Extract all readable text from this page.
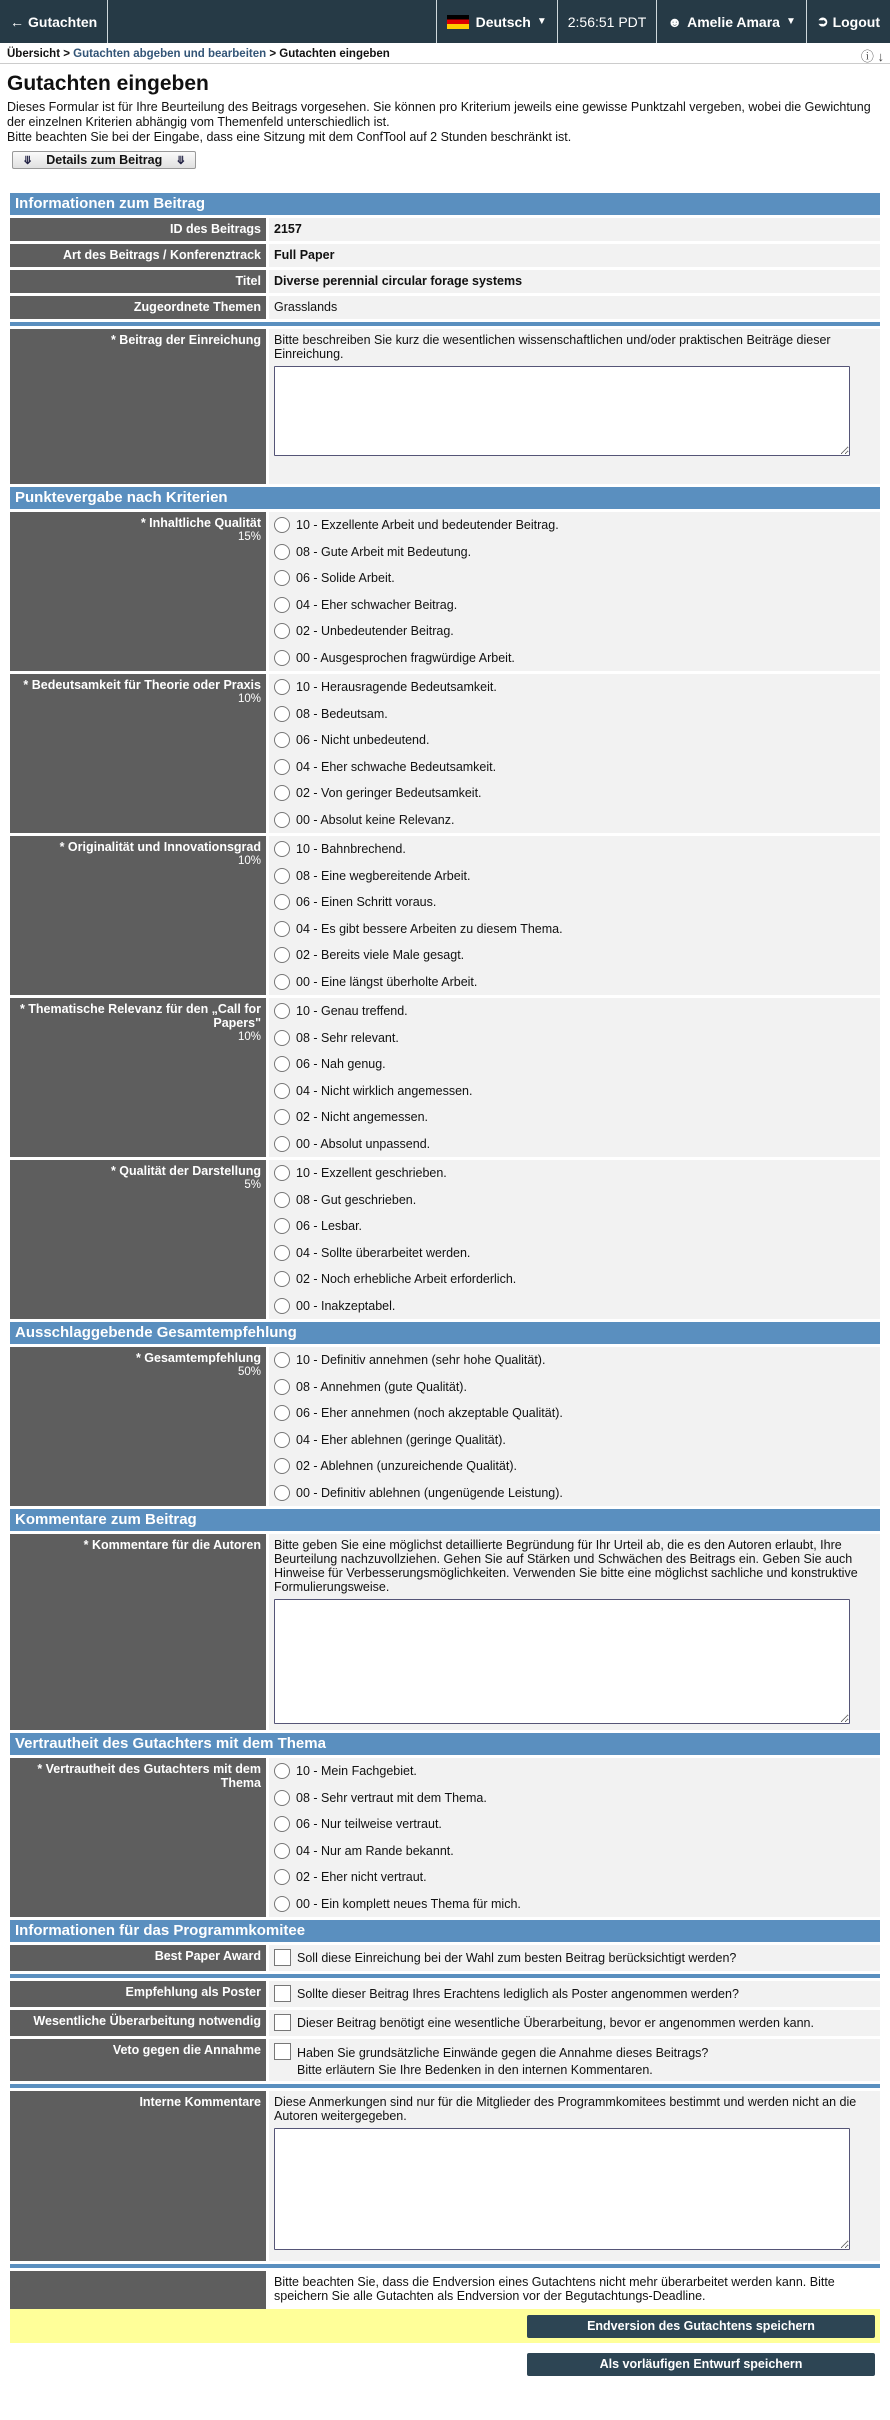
← Gutachten	Deutsch ▼ 2:56:51 PDT ☻ Amelie Amara ▼ ➲ Logout
Übersicht
>
Gutachten abgeben und bearbeiten
>
Gutachten eingeben	ⓘ ↓
Gutachten eingeben
Dieses Formular ist für Ihre Beurteilung des Beitrags vorgesehen. Sie können pro Kriterium jeweils eine gewisse Punktzahl vergeben, wobei die Gewichtung der einzelnen Kriterien abhängig vom Themenfeld unterschiedlich ist.
Bitte beachten Sie bei der Eingabe, dass eine Sitzung mit dem ConfTool auf 2 Stunden beschränkt ist.
⤋ Details zum Beitrag ⤋
Informationen zum Beitrag
ID des Beitrags	2157
Art des Beitrags / Konferenztrack	Full Paper
Titel	Diverse perennial circular forage systems
Zugeordnete Themen	Grasslands
* Beitrag der Einreichung	Bitte beschreiben Sie kurz die wesentlichen wissenschaftlichen und/oder praktischen Beiträge dieser Einreichung.
Punktevergabe nach Kriterien
* Inhaltliche Qualität
15%
10 - Exzellente Arbeit und bedeutender Beitrag.
08 - Gute Arbeit mit Bedeutung.
06 - Solide Arbeit.
04 - Eher schwacher Beitrag.
02 - Unbedeutender Beitrag.
00 - Ausgesprochen fragwürdige Arbeit.
* Bedeutsamkeit für Theorie oder Praxis
10%
10 - Herausragende Bedeutsamkeit.
08 - Bedeutsam.
06 - Nicht unbedeutend.
04 - Eher schwache Bedeutsamkeit.
02 - Von geringer Bedeutsamkeit.
00 - Absolut keine Relevanz.
* Originalität und Innovationsgrad
10%
10 - Bahnbrechend.
08 - Eine wegbereitende Arbeit.
06 - Einen Schritt voraus.
04 - Es gibt bessere Arbeiten zu diesem Thema.
02 - Bereits viele Male gesagt.
00 - Eine längst überholte Arbeit.
* Thematische Relevanz für den „Call for Papers"
10%
10 - Genau treffend.
08 - Sehr relevant.
06 - Nah genug.
04 - Nicht wirklich angemessen.
02 - Nicht angemessen.
00 - Absolut unpassend.
* Qualität der Darstellung
5%
10 - Exzellent geschrieben.
08 - Gut geschrieben.
06 - Lesbar.
04 - Sollte überarbeitet werden.
02 - Noch erhebliche Arbeit erforderlich.
00 - Inakzeptabel.
Ausschlaggebende Gesamtempfehlung
* Gesamtempfehlung
50%
10 - Definitiv annehmen (sehr hohe Qualität).
08 - Annehmen (gute Qualität).
06 - Eher annehmen (noch akzeptable Qualität).
04 - Eher ablehnen (geringe Qualität).
02 - Ablehnen (unzureichende Qualität).
00 - Definitiv ablehnen (ungenügende Leistung).
Kommentare zum Beitrag
* Kommentare für die Autoren	Bitte geben Sie eine möglichst detaillierte Begründung für Ihr Urteil ab, die es den Autoren erlaubt, Ihre Beurteilung nachzuvollziehen. Gehen Sie auf Stärken und Schwächen des Beitrags ein. Geben Sie auch Hinweise für Verbesserungsmöglichkeiten. Verwenden Sie bitte eine möglichst sachliche und konstruktive Formulierungsweise.
Vertrautheit des Gutachters mit dem Thema
* Vertrautheit des Gutachters mit dem Thema
10 - Mein Fachgebiet.
08 - Sehr vertraut mit dem Thema.
06 - Nur teilweise vertraut.
04 - Nur am Rande bekannt.
02 - Eher nicht vertraut.
00 - Ein komplett neues Thema für mich.
Informationen für das Programmkomitee
Best Paper Award	Soll diese Einreichung bei der Wahl zum besten Beitrag berücksichtigt werden?
Empfehlung als Poster	Sollte dieser Beitrag Ihres Erachtens lediglich als Poster angenommen werden?
Wesentliche Überarbeitung notwendig	Dieser Beitrag benötigt eine wesentliche Überarbeitung, bevor er angenommen werden kann.
Veto gegen die Annahme	Haben Sie grundsätzliche Einwände gegen die Annahme dieses Beitrags?
Bitte erläutern Sie Ihre Bedenken in den internen Kommentaren.
Interne Kommentare	Diese Anmerkungen sind nur für die Mitglieder des Programmkomitees bestimmt und werden nicht an die Autoren weitergegeben.
Bitte beachten Sie, dass die Endversion eines Gutachtens nicht mehr überarbeitet werden kann. Bitte speichern Sie alle Gutachten als Endversion vor der Begutachtungs-Deadline.
Endversion des Gutachtens speichern
Als vorläufigen Entwurf speichern
